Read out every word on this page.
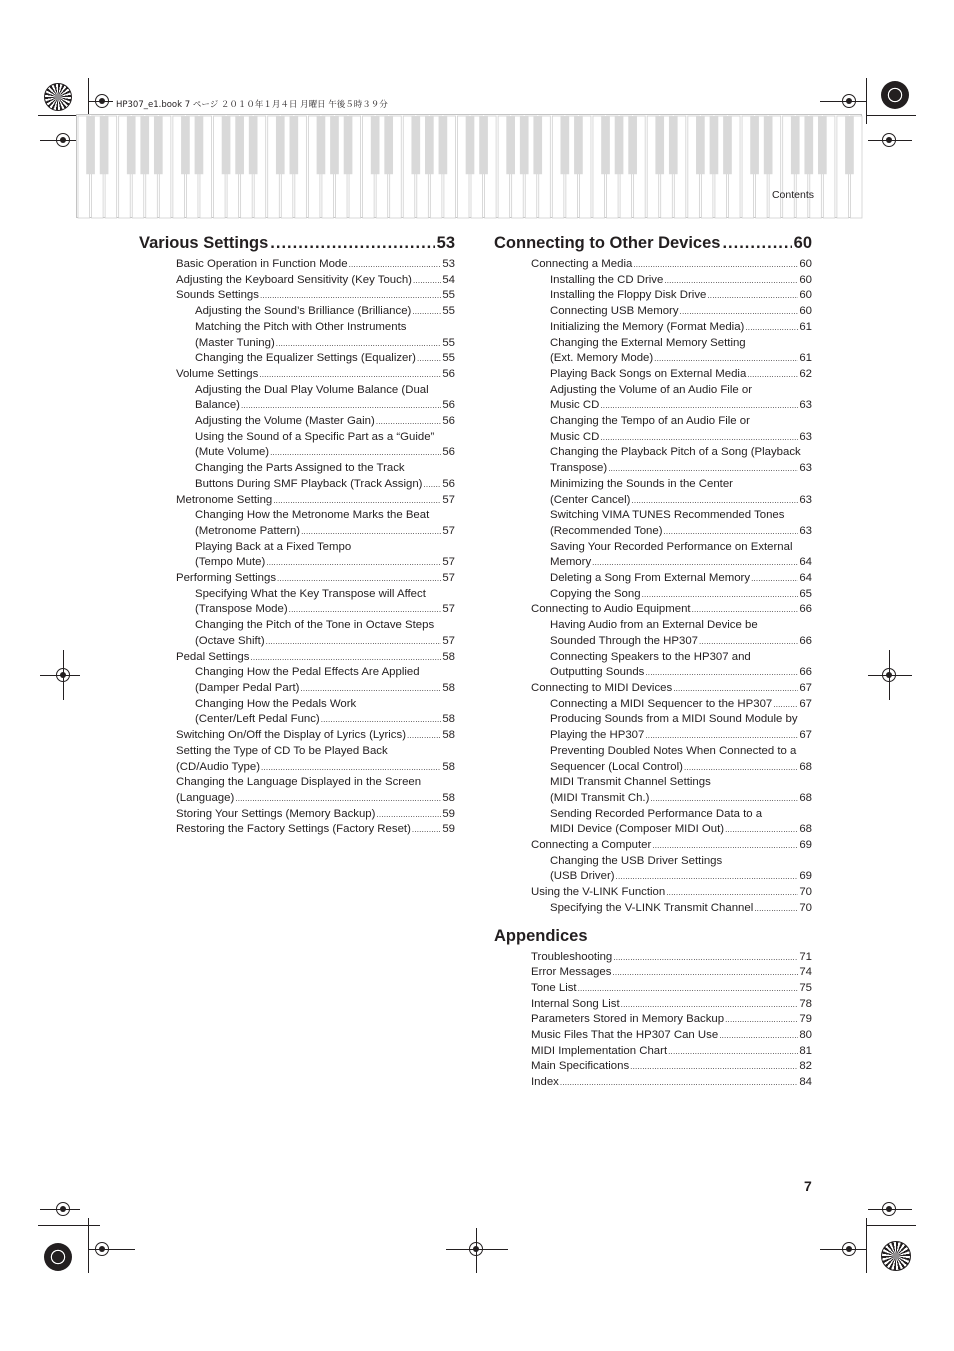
HP307_e1.book 7 ページ ２０１０年１月４日 月曜日 午後５時３９分
Contents
Various Settings .....	53
Basic Operation in Function Mode .....	53
Adjusting the Keyboard Sensitivity (Key Touch) .....	54
Sounds Settings .....	55
Adjusting the Sound’s Brilliance (Brilliance) .....	55
Matching the Pitch with Other Instruments
(Master Tuning) .....	55
Changing the Equalizer Settings (Equalizer) ..... 55
Volume Settings .....	56
Adjusting the Dual Play Volume Balance (Dual
Balance) .....	56
Adjusting the Volume (Master Gain) .....	56
Using the Sound of a Specific Part as a “Guide”
(Mute Volume) .....	56
Changing the Parts Assigned to the Track
Buttons During SMF Playback (Track Assign) ..... 56
Metronome Setting .....	57
Changing How the Metronome Marks the Beat
(Metronome Pattern) .....	57
Playing Back at a Fixed Tempo
(Tempo Mute) .....	57
Performing Settings .....	57
Specifying What the Key Transpose will Affect
(Transpose Mode) .....	57
Changing the Pitch of the Tone in Octave Steps
(Octave Shift) .....	57
Pedal Settings .....	58
Changing How the Pedal Effects Are Applied
(Damper Pedal Part) .....	58
Changing How the Pedals Work
(Center/Left Pedal Func) .....	58
Switching On/Off the Display of Lyrics (Lyrics) .....	58
Setting the Type of CD To be Played Back
(CD/Audio Type) .....	58
Changing the Language Displayed in the Screen
(Language) .....	58
Storing Your Settings (Memory Backup) .....	59
Restoring the Factory Settings (Factory Reset) .....	59
Connecting to Other Devices .....	60
Connecting a Media .....	60
Installing the CD Drive .....	60
Installing the Floppy Disk Drive .....	60
Connecting USB Memory .....	60
Initializing the Memory (Format Media) .....	61
Changing the External Memory Setting
(Ext. Memory Mode) .....	61
Playing Back Songs on External Media .....	62
Adjusting the Volume of an Audio File or
Music CD .....	63
Changing the Tempo of an Audio File or
Music CD .....	63
Changing the Playback Pitch of a Song (Playback
Transpose) .....	63
Minimizing the Sounds in the Center
(Center Cancel) .....	63
Switching VIMA TUNES Recommended Tones
(Recommended Tone) .....	63
Saving Your Recorded Performance on External
Memory .....	64
Deleting a Song From External Memory .....	64
Copying the Song .....	65
Connecting to Audio Equipment .....	66
Having Audio from an External Device be
Sounded Through the HP307 .....	66
Connecting Speakers to the HP307 and
Outputting Sounds .....	66
Connecting to MIDI Devices .....	67
Connecting a MIDI Sequencer to the HP307 ..... 67
Producing Sounds from a MIDI Sound Module by
Playing the HP307 .....	67
Preventing Doubled Notes When Connected to a
Sequencer (Local Control) .....	68
MIDI Transmit Channel Settings
(MIDI Transmit Ch.) .....	68
Sending Recorded Performance Data to a
MIDI Device (Composer MIDI Out) .....	68
Connecting a Computer .....	69
Changing the USB Driver Settings
(USB Driver) .....	69
Using the V-LINK Function .....	70
Specifying the V-LINK Transmit Channel .....	70
Appendices
Troubleshooting .....	71
Error Messages .....	74
Tone List .....	75
Internal Song List .....	78
Parameters Stored in Memory Backup .....	79
Music Files That the HP307 Can Use .....	80
MIDI Implementation Chart .....	81
Main Specifications .....	82
Index .....	84
7
